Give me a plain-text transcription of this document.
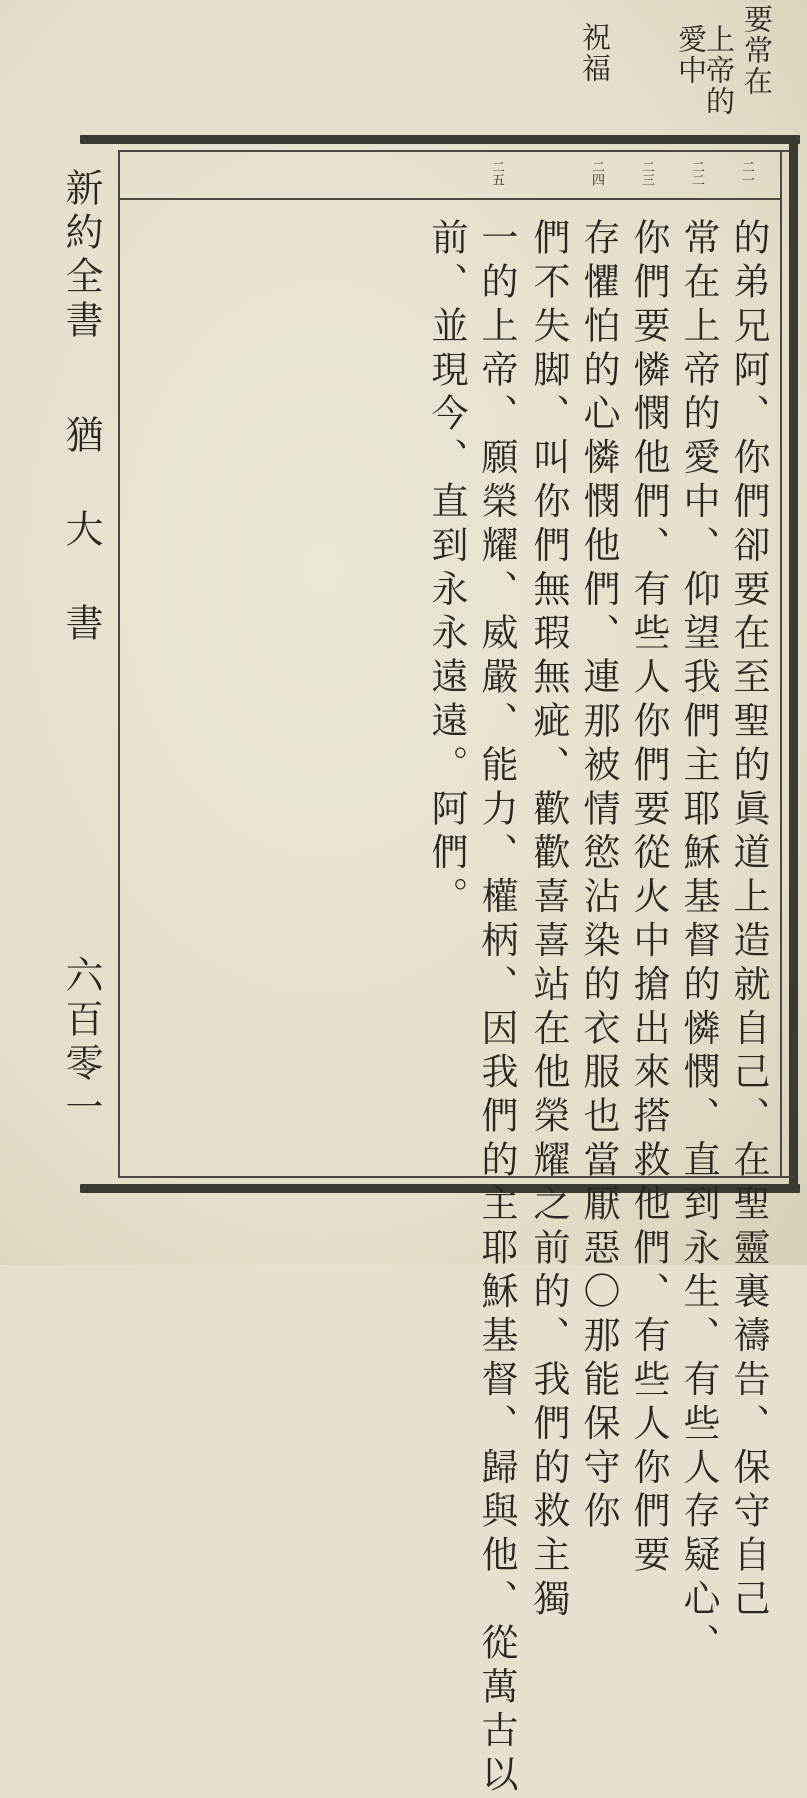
新約全書
猶 大 書
六百零一
二一
二二
二三
二四
二五
的弟兄阿、你們卻要在至聖的眞道上造就自己、在聖靈裏禱告、保守自己
常在上帝的愛中、仰望我們主耶穌基督的憐憫、直到永生、有些人存疑心、
你們要憐憫他們、有些人你們要從火中搶出來搭救他們、有些人你們要
存懼怕的心憐憫他們、連那被情慾沾染的衣服也當厭惡〇那能保守你
們不失脚、叫你們無瑕無疵、歡歡喜喜站在他榮耀之前的、我們的救主獨
一的上帝、願榮耀、威嚴、能力、權柄、因我們的主耶穌基督、歸與他、從萬古以
前、並現今、直到永永遠遠。阿們。
要常在
上帝的
愛中
祝福
